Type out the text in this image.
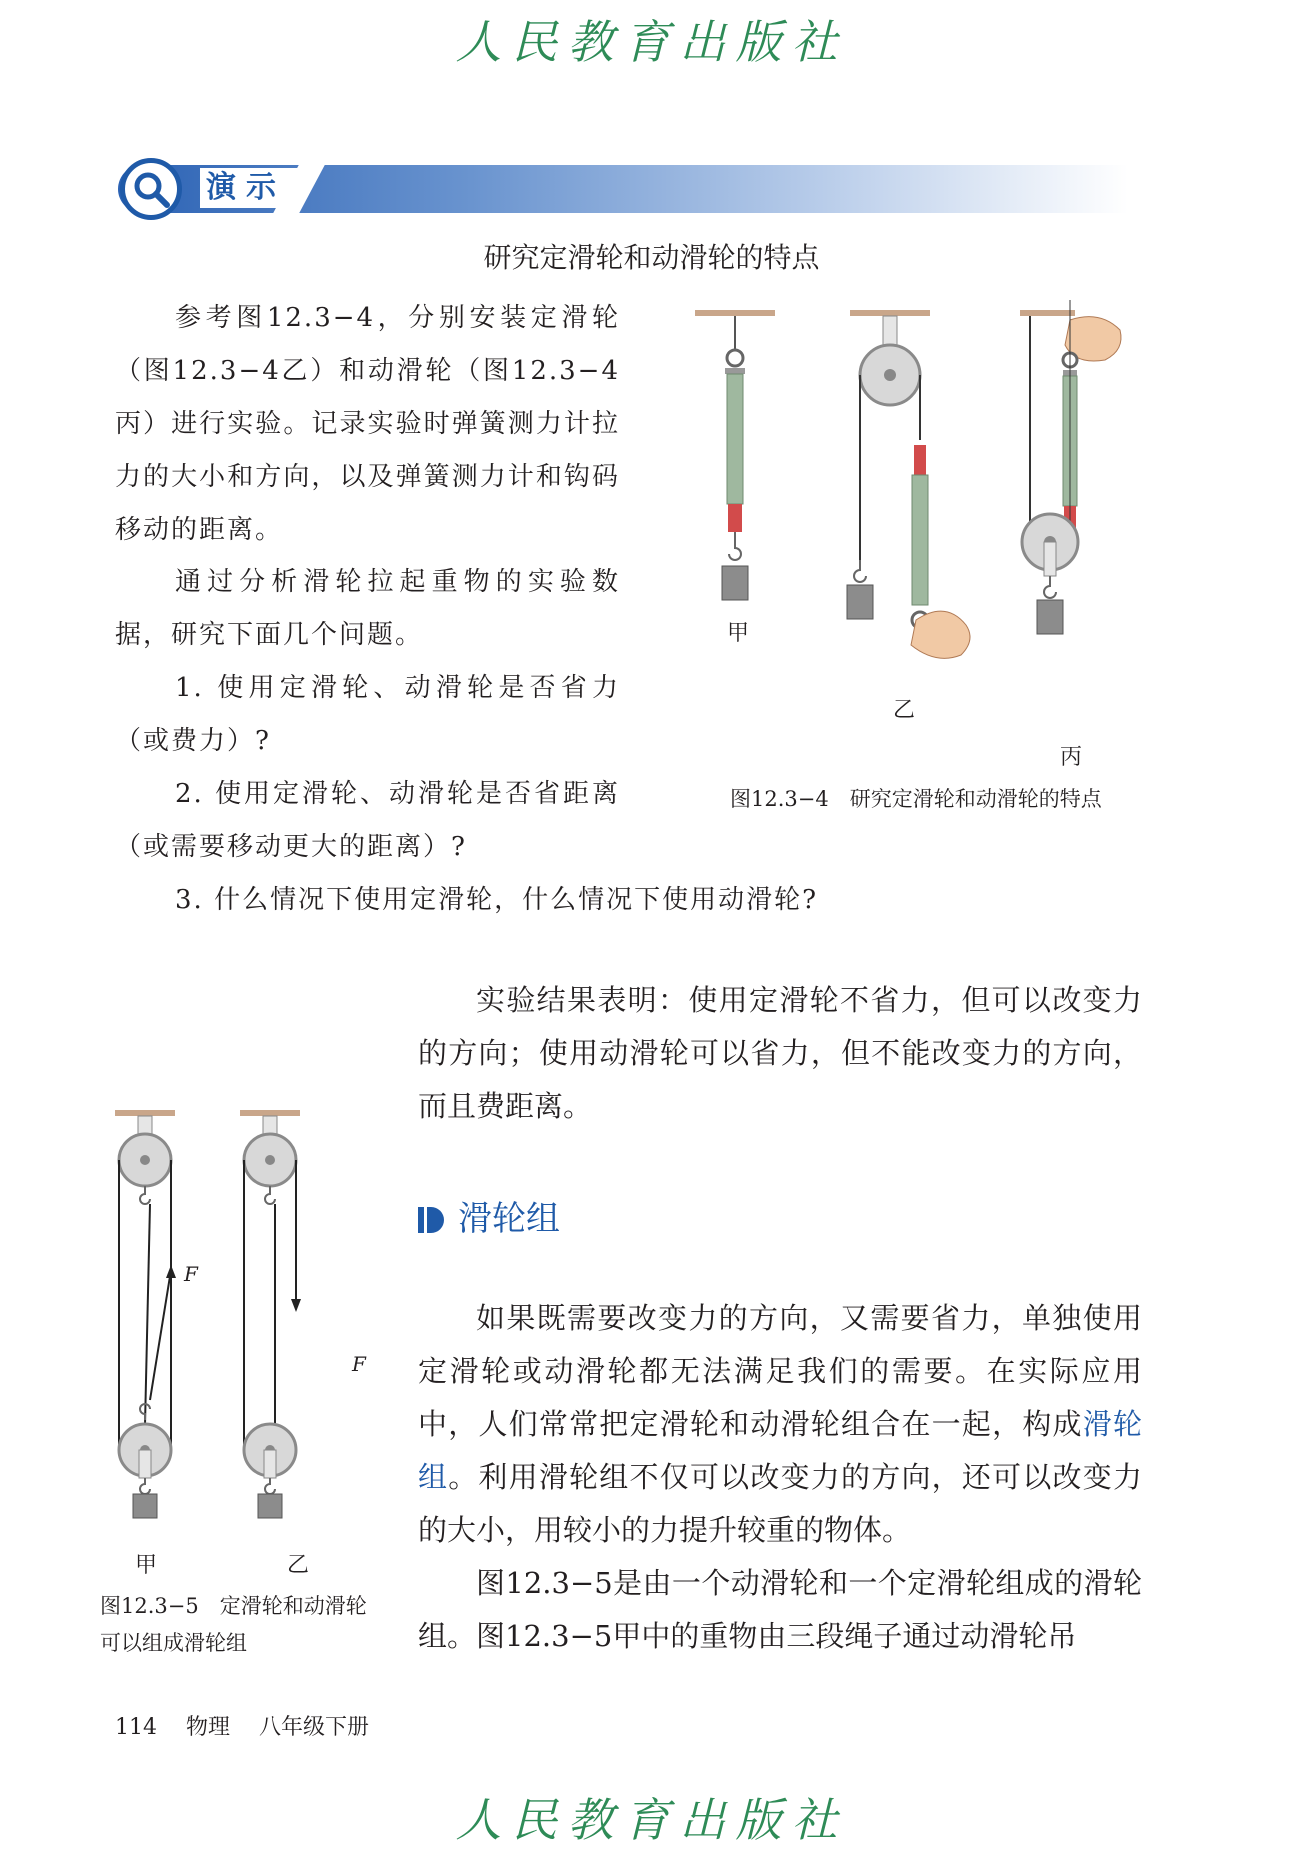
人民教育出版社
演示
研究定滑轮和动滑轮的特点
参考图12.3−4，分别安装定滑轮（图12.3−4乙）和动滑轮（图12.3−4丙）进行实验。记录实验时弹簧测力计拉力的大小和方向，以及弹簧测力计和钩码移动的距离。
通过分析滑轮拉起重物的实验数据，研究下面几个问题。
1. 使用定滑轮、动滑轮是否省力（或费力）?
2. 使用定滑轮、动滑轮是否省距离（或需要移动更大的距离）?
3. 什么情况下使用定滑轮，什么情况下使用动滑轮?
甲
乙
丙
图12.3−4　研究定滑轮和动滑轮的特点
实验结果表明：使用定滑轮不省力，但可以改变力的方向；使用动滑轮可以省力，但不能改变力的方向，而且费距离。
F
F
甲	乙
图12.3−5　定滑轮和动滑轮
可以组成滑轮组
滑轮组
如果既需要改变力的方向，又需要省力，单独使用定滑轮或动滑轮都无法满足我们的需要。在实际应用中，人们常常把定滑轮和动滑轮组合在一起，构成滑轮组。利用滑轮组不仅可以改变力的方向，还可以改变力的大小，用较小的力提升较重的物体。
图12.3−5是由一个动滑轮和一个定滑轮组成的滑轮组。图12.3−5甲中的重物由三段绳子通过动滑轮吊
114 物理 八年级下册
人民教育出版社
